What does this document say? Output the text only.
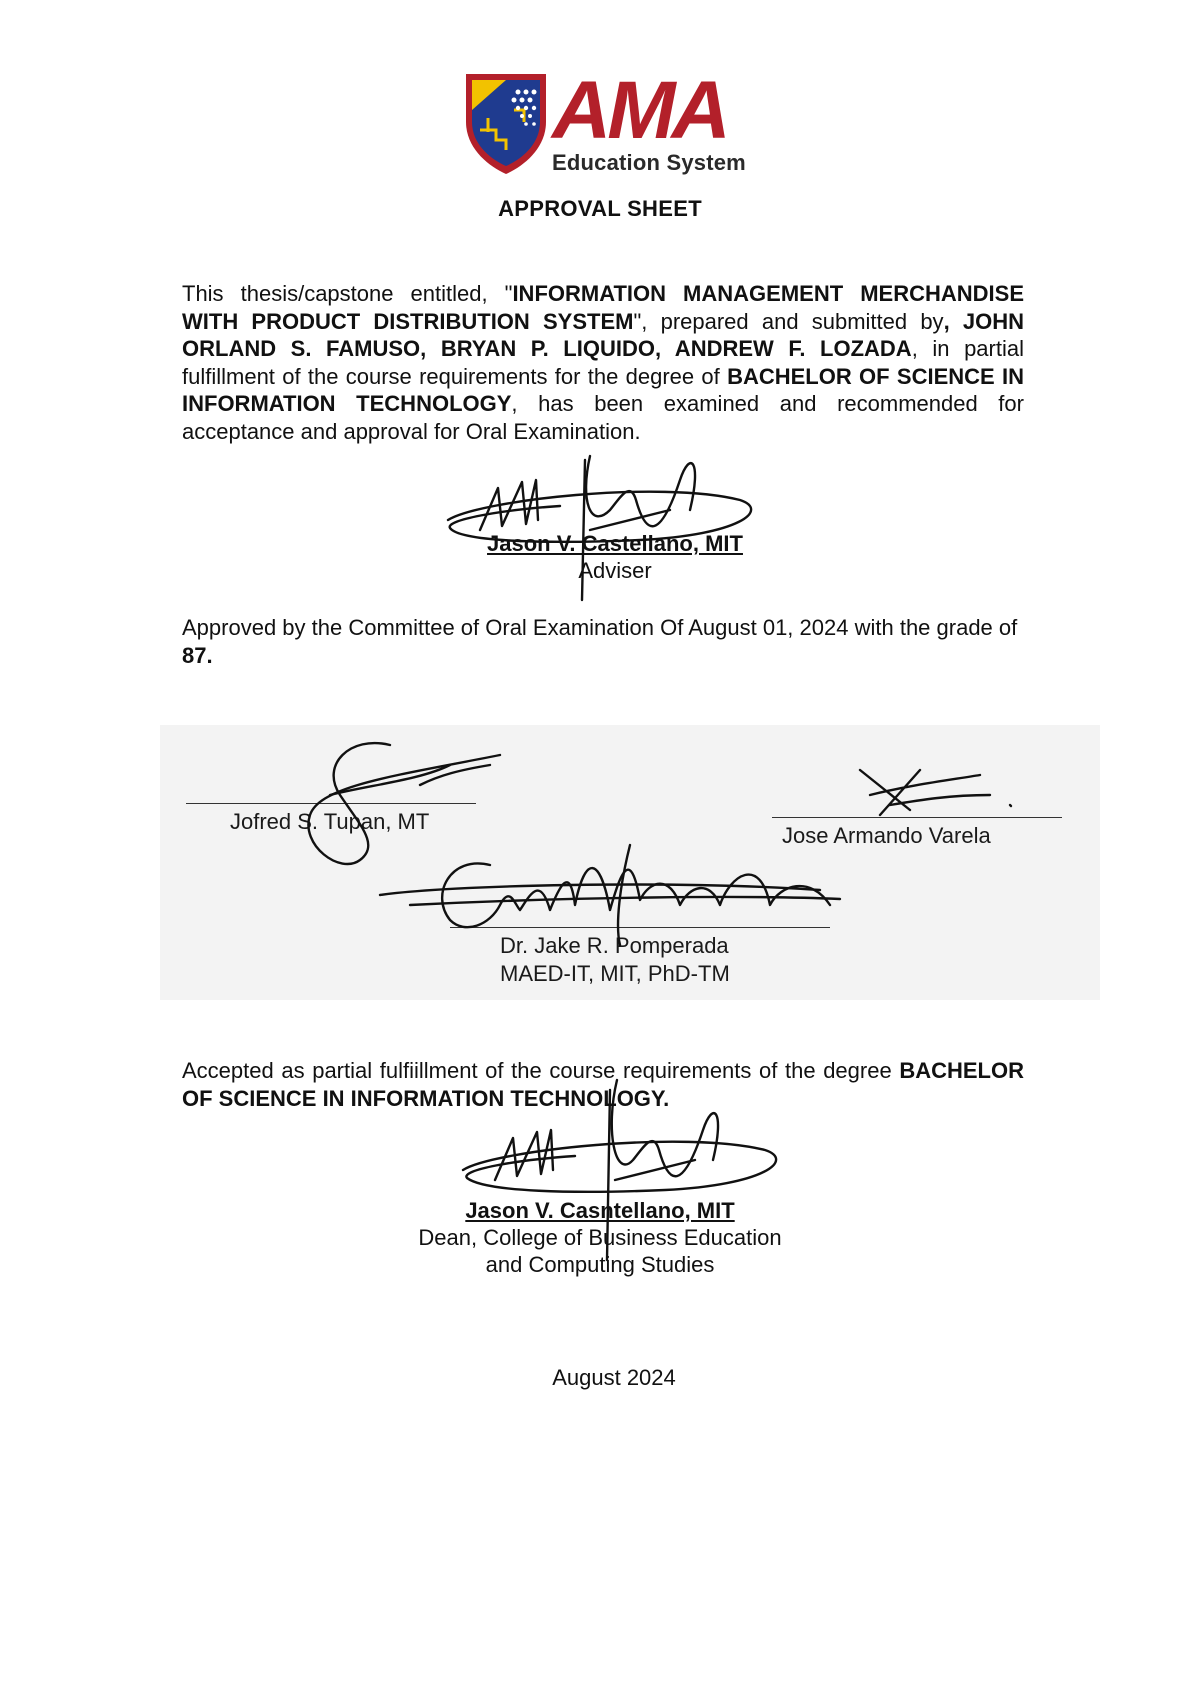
AMA
Education System
APPROVAL SHEET
This thesis/capstone entitled, "INFORMATION MANAGEMENT MERCHANDISE WITH PRODUCT DISTRIBUTION SYSTEM", prepared and submitted by, JOHN ORLAND S. FAMUSO, BRYAN P. LIQUIDO, ANDREW F. LOZADA, in partial fulfillment of the course requirements for the degree of BACHELOR OF SCIENCE IN INFORMATION TECHNOLOGY, has been examined and recommended for acceptance and approval for Oral Examination.
Jason V. Castellano, MIT
Adviser
Approved by the Committee of Oral Examination Of August 01, 2024 with the grade of 87.
Jofred S. Tupan, MT
Jose Armando Varela
Dr. Jake R. Pomperada
MAED-IT, MIT, PhD-TM
Accepted as partial fulfiillment of the course requirements of the degree BACHELOR OF SCIENCE IN INFORMATION TECHNOLOGY.
Jason V. Casntellano, MIT
Dean, College of Business Education
and Computing Studies
August 2024
